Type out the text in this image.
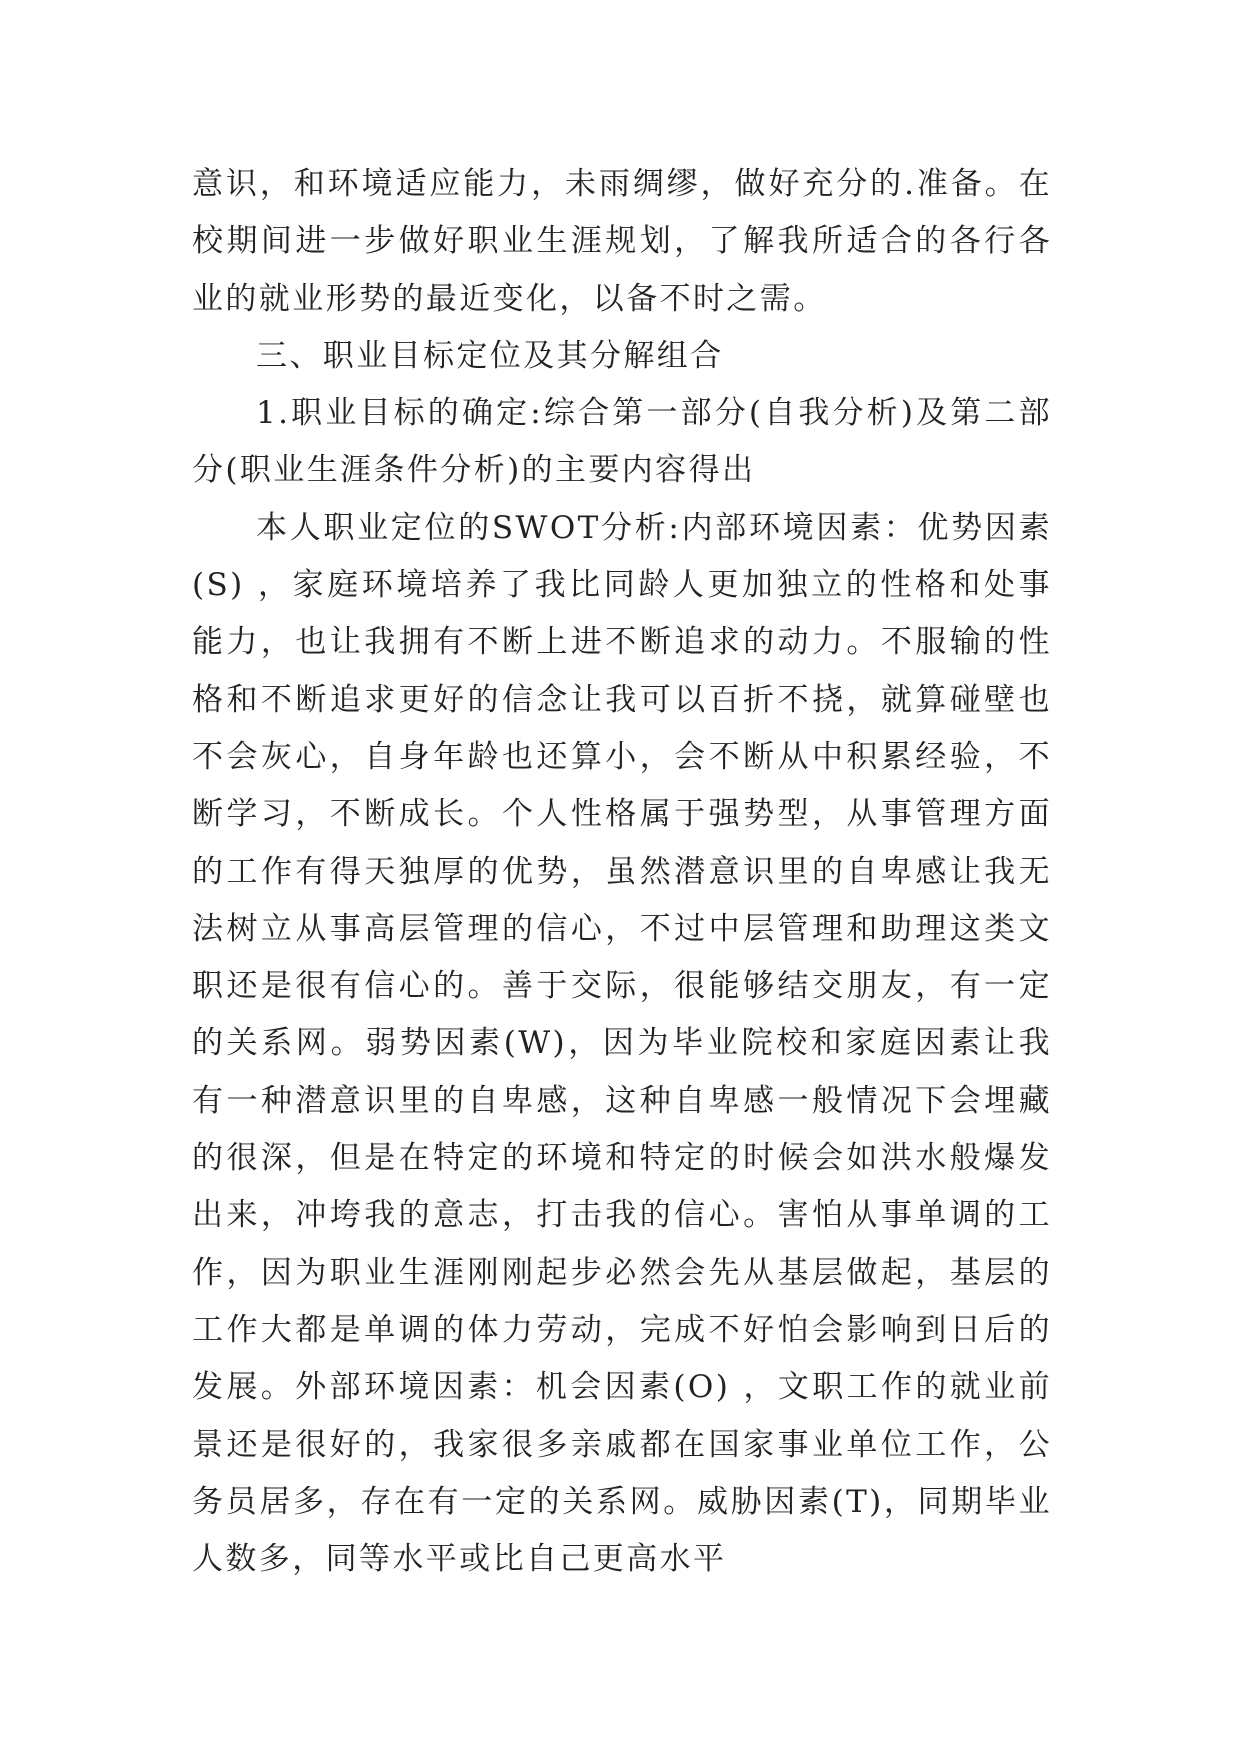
意识，和环境适应能力，未雨绸缪，做好充分的.准备。在校期间进一步做好职业生涯规划，了解我所适合的各行各业的就业形势的最近变化，以备不时之需。

三、职业目标定位及其分解组合

1.职业目标的确定:综合第一部分(自我分析)及第二部分(职业生涯条件分析)的主要内容得出

本人职业定位的SWOT分析:内部环境因素：优势因素(S) ，家庭环境培养了我比同龄人更加独立的性格和处事能力，也让我拥有不断上进不断追求的动力。不服输的性格和不断追求更好的信念让我可以百折不挠，就算碰壁也不会灰心，自身年龄也还算小，会不断从中积累经验，不断学习，不断成长。个人性格属于强势型，从事管理方面的工作有得天独厚的优势，虽然潜意识里的自卑感让我无法树立从事高层管理的信心，不过中层管理和助理这类文职还是很有信心的。善于交际，很能够结交朋友，有一定的关系网。弱势因素(W)，因为毕业院校和家庭因素让我有一种潜意识里的自卑感，这种自卑感一般情况下会埋藏的很深，但是在特定的环境和特定的时候会如洪水般爆发出来，冲垮我的意志，打击我的信心。害怕从事单调的工作，因为职业生涯刚刚起步必然会先从基层做起，基层的工作大都是单调的体力劳动，完成不好怕会影响到日后的发展。外部环境因素：机会因素(O) ，文职工作的就业前景还是很好的，我家很多亲戚都在国家事业单位工作，公务员居多，存在有一定的关系网。威胁因素(T)，同期毕业人数多，同等水平或比自己更高水平
